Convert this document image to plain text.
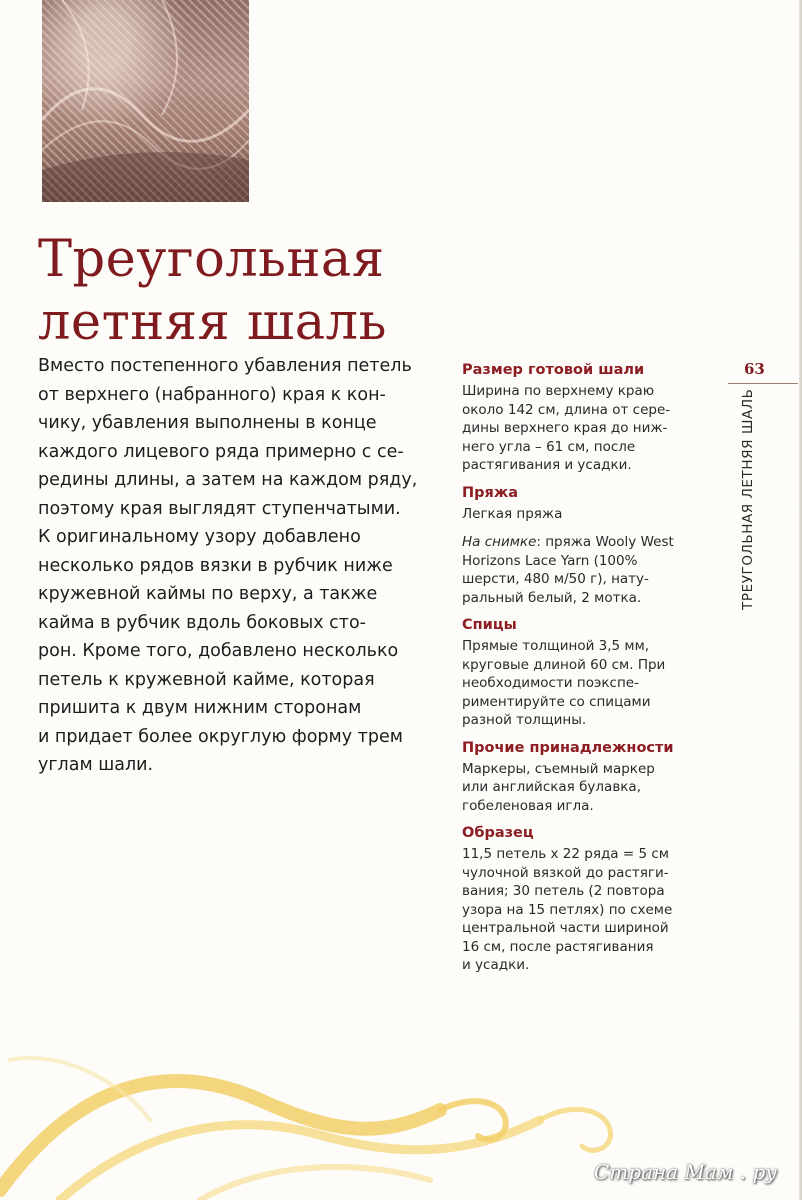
Треугольная
летняя шаль
Вместо постепенного убавления петель
от верхнего (набранного) края к кон-
чику, убавления выполнены в конце
каждого лицевого ряда примерно с се-
редины длины, а затем на каждом ряду,
поэтому края выглядят ступенчатыми.
К оригинальному узору добавлено
несколько рядов вязки в рубчик ниже
кружевной каймы по верху, а также
кайма в рубчик вдоль боковых сто-
рон. Кроме того, добавлено несколько
петель к кружевной кайме, которая
пришита к двум нижним сторонам
и придает более округлую форму трем
углам шали.
Размер готовой шали
Ширина по верхнему краю
около 142 см, длина от сере-
дины верхнего края до ниж-
него угла – 61 см, после
растягивания и усадки.
Пряжа
Легкая пряжа
На снимке: пряжа Wooly West
Horizons Lace Yarn (100%
шерсти, 480 м/50 г), нату-
ральный белый, 2 мотка.
Спицы
Прямые толщиной 3,5 мм,
круговые длиной 60 см. При
необходимости поэкспе-
риментируйте со спицами
разной толщины.
Прочие принадлежности
Маркеры, съемный маркер
или английская булавка,
гобеленовая игла.
Образец
11,5 петель х 22 ряда = 5 см
чулочной вязкой до растяги-
вания; 30 петель (2 повтора
узора на 15 петлях) по схеме
центральной части шириной
16 см, после растягивания
и усадки.
63
ТРЕУГОЛЬНАЯ ЛЕТНЯЯ ШАЛЬ
Страна Мам . ру
